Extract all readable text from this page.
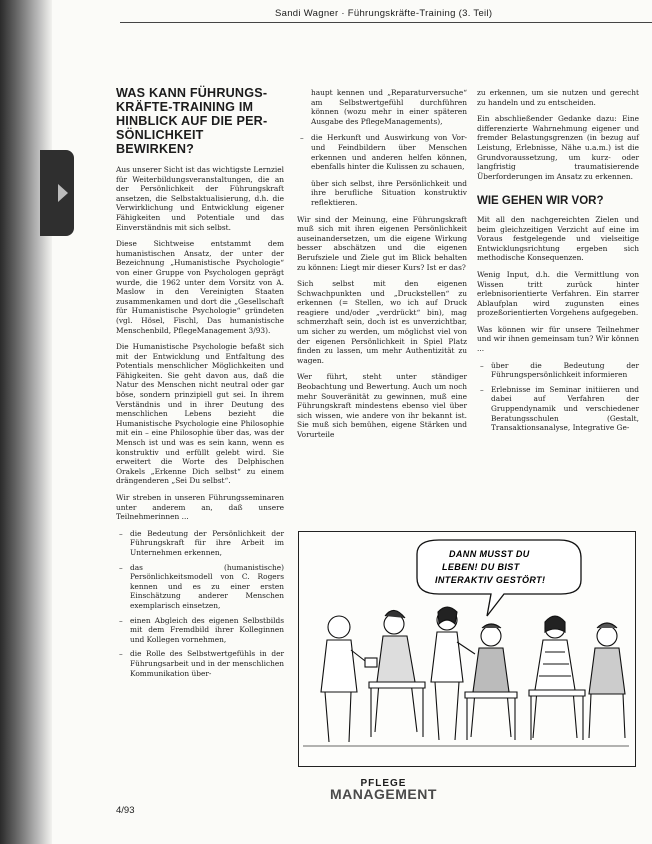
Sandi Wagner · Führungskräfte-Training (3. Teil)
WAS KANN FÜHRUNGS-
KRÄFTE-TRAINING IM
HINBLICK AUF DIE PER-
SÖNLICHKEIT BEWIRKEN?

Aus unserer Sicht ist das wichtigste Lernziel für Weiterbildungsveranstaltungen, die an der Persönlichkeit der Führungskraft ansetzen, die Selbstaktualisierung, d.h. die Verwirklichung und Entwicklung eigener Fähigkeiten und Potentiale und das Einverständnis mit sich selbst.

Diese Sichtweise entstammt dem humanistischen Ansatz, der unter der Bezeichnung „Humanistische Psychologie“ von einer Gruppe von Psychologen geprägt wurde, die 1962 unter dem Vorsitz von A. Maslow in den Vereinigten Staaten zusammenkamen und dort die „Gesellschaft für Humanistische Psychologie“ gründeten (vgl. Hösel, Fischl, Das humanistische Menschenbild, PflegeManagement 3/93).

Die Humanistische Psychologie befaßt sich mit der Entwicklung und Entfaltung des Potentials menschlicher Möglichkeiten und Fähigkeiten. Sie geht davon aus, daß die Natur des Menschen nicht neutral oder gar böse, sondern prinzipiell gut sei. In ihrem Verständnis und in ihrer Deutung des menschlichen Lebens bezieht die Humanistische Psychologie eine Philosophie mit ein – eine Philosophie über das, was der Mensch ist und was es sein kann, wenn es konstruktiv und erfüllt gelebt wird. Sie erweitert die Worte des Delphischen Orakels „Erkenne Dich selbst“ zu einem drängenderen „Sei Du selbst“.

Wir streben in unseren Führungsseminaren unter anderem an, daß unsere Teilnehmerinnen ...

– die Bedeutung der Persönlichkeit der Führungskraft für ihre Arbeit im Unternehmen erkennen,
– das (humanistische) Persönlichkeitsmodell von C. Rogers kennen und es zu einer ersten Einschätzung anderer Menschen exemplarisch einsetzen,
– einen Abgleich des eigenen Selbstbilds mit dem Fremdbild ihrer Kolleginnen und Kollegen vornehmen,
– die Rolle des Selbstwertgefühls in der Führungsarbeit und in der menschlichen Kommunikation über-

haupt kennen und „Reparaturversuche“ am Selbstwertgefühl durchführen können (wozu mehr in einer späteren Ausgabe des PflegeManagements),

– die Herkunft und Auswirkung von Vor- und Feindbildern über Menschen erkennen und anderen helfen können, ebenfalls hinter die Kulissen zu schauen,

über sich selbst, ihre Persönlichkeit und ihre berufliche Situation konstruktiv reflektieren.

Wir sind der Meinung, eine Führungskraft muß sich mit ihren eigenen Persönlichkeit auseinandersetzen, um die eigene Wirkung besser abschätzen und die eigenen Berufsziele und Ziele gut im Blick behalten zu können: Liegt mir dieser Kurs? Ist er das?

Sich selbst mit den eigenen Schwachpunkten und „Druckstellen“ zu erkennen (= Stellen, wo ich auf Druck reagiere und/oder „verdrückt“ bin), mag schmerzhaft sein, doch ist es unverzichtbar, um sicher zu werden, um möglichst viel von der eigenen Persönlichkeit in Spiel Platz finden zu lassen, um mehr Authentizität zu wagen.

Wer führt, steht unter ständiger Beobachtung und Bewertung. Auch um noch mehr Souveränität zu gewinnen, muß eine Führungskraft mindestens ebenso viel über sich wissen, wie andere von ihr bekannt ist. Sie muß sich bemühen, eigene Stärken und Vorurteile

zu erkennen, um sie nutzen und gerecht zu handeln und zu entscheiden.

Ein abschließender Gedanke dazu: Eine differenzierte Wahrnehmung eigener und fremder Belastungsgrenzen (in bezug auf Leistung, Erlebnisse, Nähe u.a.m.) ist die Grundvoraussetzung, um kurz- oder langfristig traumatisierende Überforderungen im Ansatz zu erkennen.

WIE GEHEN WIR VOR?

Mit all den nachgereichten Zielen und beim gleichzeitigen Verzicht auf eine im Voraus festgelegende und vielseitige Entwicklungsrichtung ergeben sich methodische Konsequenzen.

Wenig Input, d.h. die Vermittlung von Wissen tritt zurück hinter erlebnisorientierte Verfahren. Ein starrer Ablaufplan wird zugunsten eines prozeßorientierten Vorgehens aufgegeben.

Was können wir für unsere Teilnehmer und wir ihnen gemeinsam tun? Wir können ...

– über die Bedeutung der Führungspersönlichkeit informieren
– Erlebnisse im Seminar initiieren und dabei auf Verfahren der Gruppendynamik und verschiedener Beratungsschulen (Gestalt, Transaktionsanalyse, Integrative Ge-
DANN MUSST DU
LEBEN! DU BIST
INTERAKTIV GESTÖRT!
PFLEGE
MANAGEMENT
4/93
